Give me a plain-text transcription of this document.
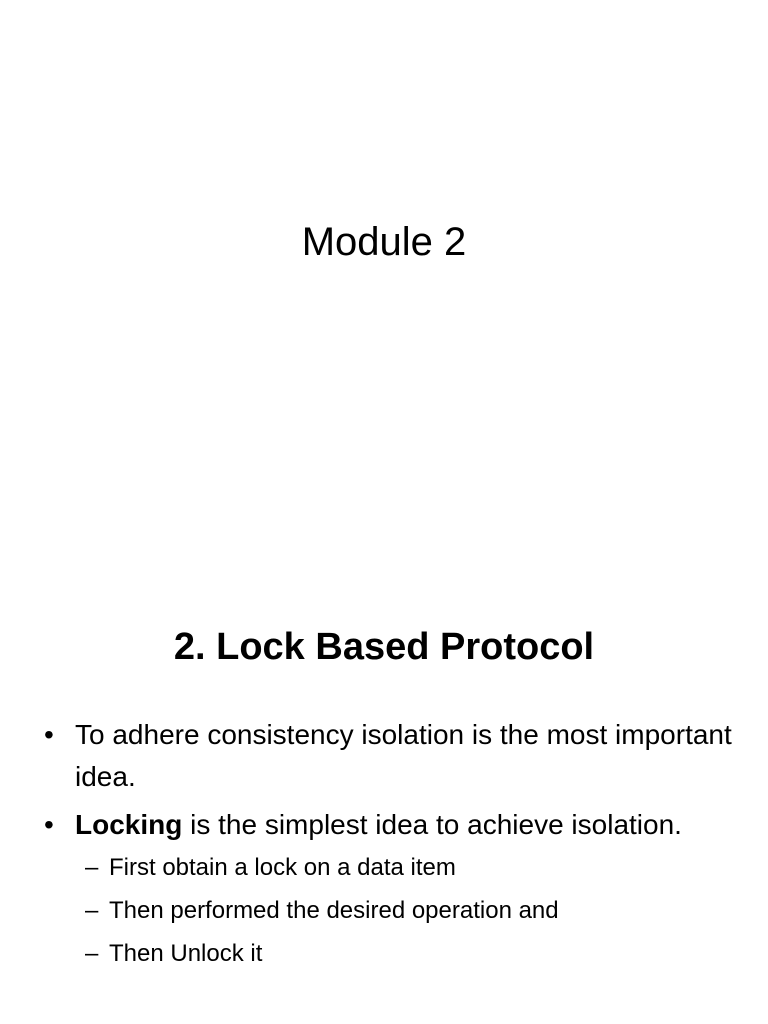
Module 2
2. Lock Based Protocol
• To adhere consistency isolation is the most important idea.
• Locking is the simplest idea to achieve isolation.
– First obtain a lock on a data item
– Then performed the desired operation and
– Then Unlock it
